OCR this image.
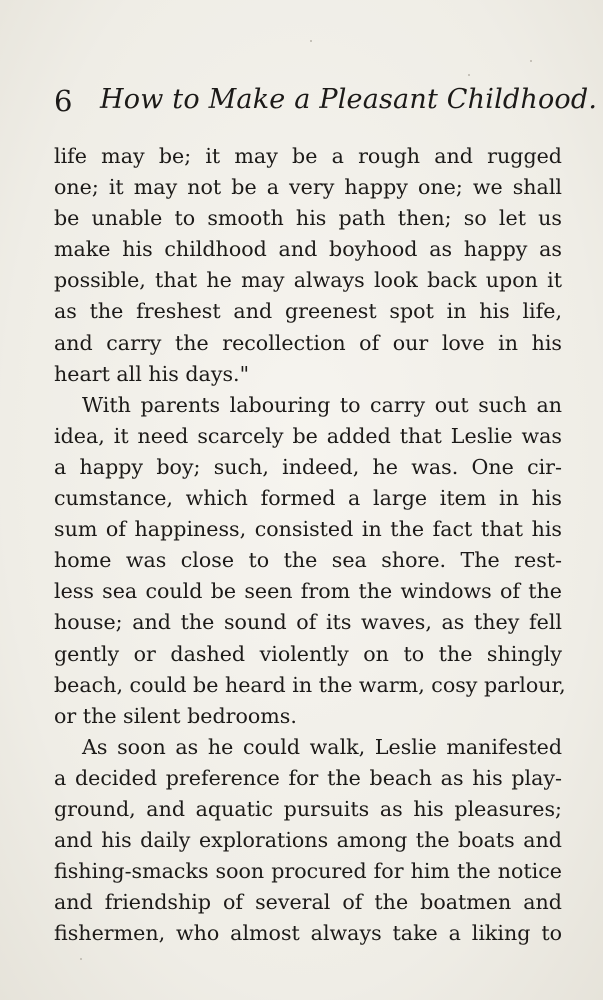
6 How to Make a Pleasant Childhood.
life may be; it may be a rough and rugged
one; it may not be a very happy one; we shall
be unable to smooth his path then; so let us
make his childhood and boyhood as happy as
possible, that he may always look back upon it
as the freshest and greenest spot in his life,
and carry the recollection of our love in his
heart all his days."
With parents labouring to carry out such an
idea, it need scarcely be added that Leslie was
a happy boy; such, indeed, he was. One cir-
cumstance, which formed a large item in his
sum of happiness, consisted in the fact that his
home was close to the sea shore. The rest-
less sea could be seen from the windows of the
house; and the sound of its waves, as they fell
gently or dashed violently on to the shingly
beach, could be heard in the warm, cosy parlour,
or the silent bedrooms.
As soon as he could walk, Leslie manifested
a decided preference for the beach as his play-
ground, and aquatic pursuits as his pleasures;
and his daily explorations among the boats and
fishing-smacks soon procured for him the notice
and friendship of several of the boatmen and
fishermen, who almost always take a liking to
